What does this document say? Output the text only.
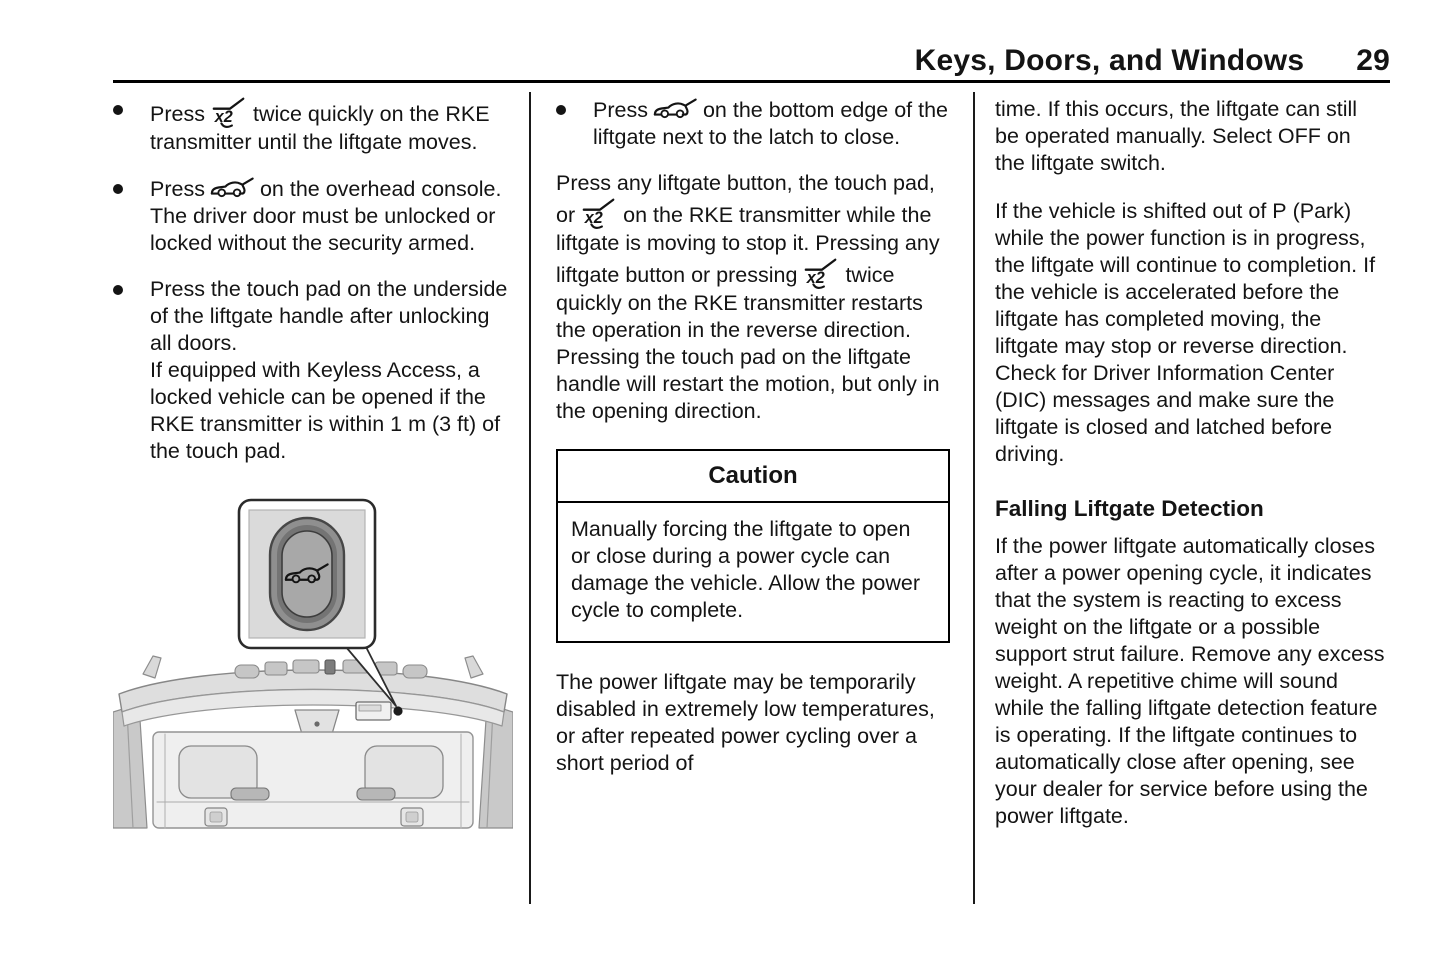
Keys, Doors, and Windows 29
Press twice quickly on the RKE transmitter until the liftgate moves.
Press	on the overhead console. The driver door must be unlocked or locked without the security armed.
Press the touch pad on the underside of the liftgate handle after unlocking all doors.
If equipped with Keyless Access, a locked vehicle can be opened if the RKE transmitter is within 1 m (3 ft) of the touch pad.
Press	on the bottom edge of the liftgate next to the latch to close.

Press any liftgate button, the touch pad, or on the RKE transmitter while the liftgate is moving to stop it. Pressing any liftgate button or pressing twice quickly on the RKE transmitter restarts the operation in the reverse direction. Pressing the touch pad on the liftgate handle will restart the motion, but only in the opening direction.

Caution
Manually forcing the liftgate to open or close during a power cycle can damage the vehicle. Allow the power cycle to complete.

The power liftgate may be temporarily disabled in extremely low temperatures, or after repeated power cycling over a short period of

time. If this occurs, the liftgate can still be operated manually. Select OFF on the liftgate switch.

If the vehicle is shifted out of P (Park) while the power function is in progress, the liftgate will continue to completion. If the vehicle is accelerated before the liftgate has completed moving, the liftgate may stop or reverse direction. Check for Driver Information Center (DIC) messages and make sure the liftgate is closed and latched before driving.

Falling Liftgate Detection

If the power liftgate automatically closes after a power opening cycle, it indicates that the system is reacting to excess weight on the liftgate or a possible support strut failure. Remove any excess weight. A repetitive chime will sound while the falling liftgate detection feature is operating. If the liftgate continues to automatically close after opening, see your dealer for service before using the power liftgate.
